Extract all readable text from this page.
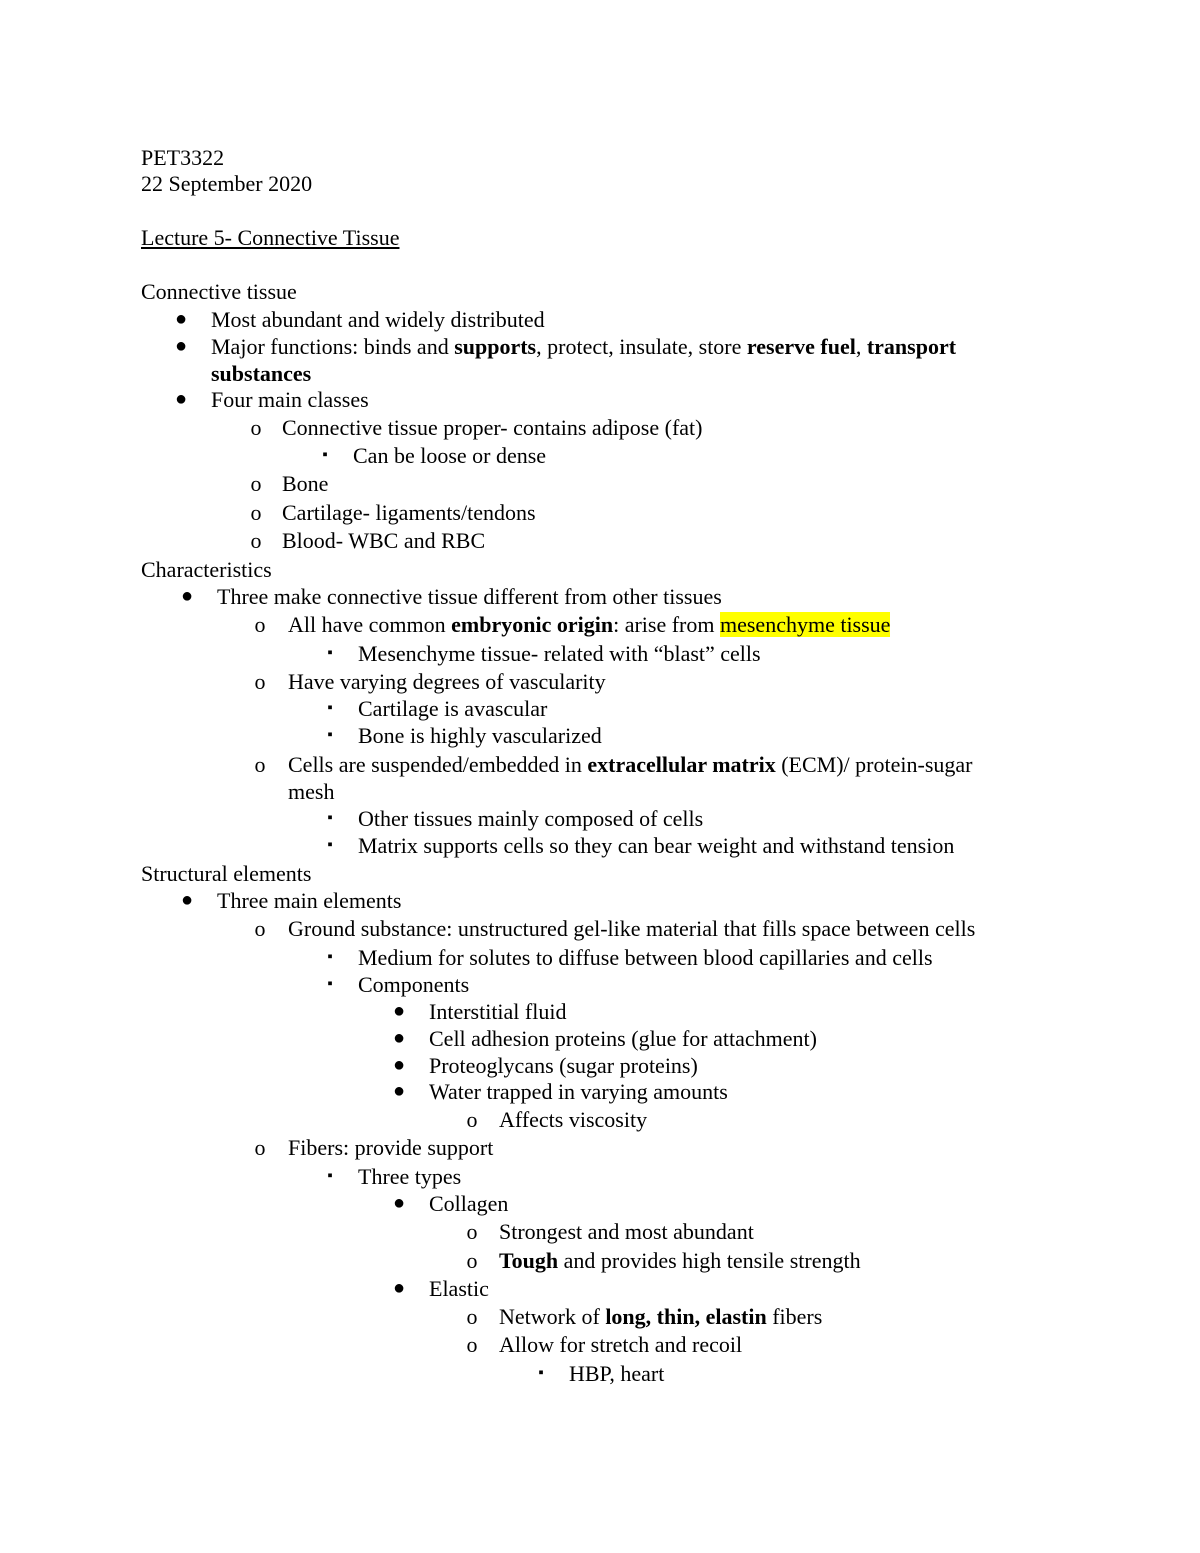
PET3322
22 September 2020
Lecture 5- Connective Tissue
Connective tissue
● Most abundant and widely distributed
● Major functions: binds and supports, protect, insulate, store reserve fuel, transport
substances
● Four main classes
o Connective tissue proper- contains adipose (fat)
▪	Can be loose or dense
o Bone
o Cartilage- ligaments/tendons
o Blood- WBC and RBC
Characteristics
● Three make connective tissue different from other tissues
o All have common embryonic origin: arise from mesenchyme tissue
▪	Mesenchyme tissue- related with “blast” cells
o Have varying degrees of vascularity
▪	Cartilage is avascular
▪	Bone is highly vascularized
o Cells are suspended/embedded in extracellular matrix (ECM)/ protein-sugar
mesh
▪	Other tissues mainly composed of cells
▪	Matrix supports cells so they can bear weight and withstand tension
Structural elements
● Three main elements
o Ground substance: unstructured gel-like material that fills space between cells
▪	Medium for solutes to diffuse between blood capillaries and cells
▪	Components
● Interstitial fluid
● Cell adhesion proteins (glue for attachment)
● Proteoglycans (sugar proteins)
● Water trapped in varying amounts
o Affects viscosity
o Fibers: provide support
▪	Three types
● Collagen
o Strongest and most abundant
o Tough and provides high tensile strength
● Elastic
o Network of long, thin, elastin fibers
o Allow for stretch and recoil
▪	HBP, heart
